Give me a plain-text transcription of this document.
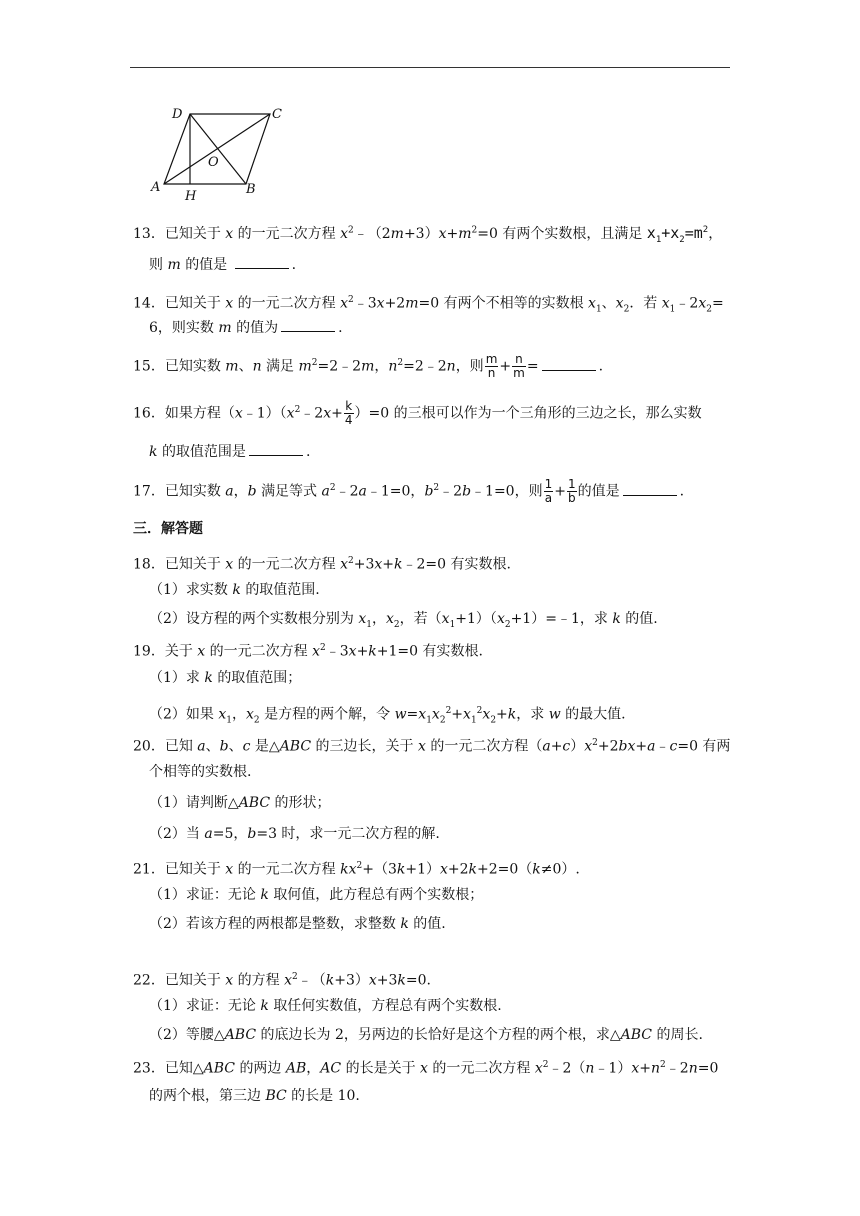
D	C
O
A
H	B
13．已知关于 x 的一元二次方程 $x^2﹣(2m+3)x+m^2=0$ 有两个实数根，且满足 $x_1+x_2=m^2$，
则 m 的值是	.
14．已知关于 x 的一元二次方程 $x^2﹣3x+2m=0$ 有两个不相等的实数根 $x_1$、$x_2$．若 $x_1﹣2x_2=$
6，则实数 m 的值为	.
15．已知实数 m、n 满足 $m^2=2﹣2m$，$n^2=2﹣2n$，则 $\frac{m}{n} + \frac{n}{m}$ =	.
16．如果方程$(x﹣1)(x^2﹣2x+ \frac{k}{4} )=0$ 的三根可以作为一个三角形的三边之长，那么实数
k 的取值范围是	.
17．已知实数 a，b 满足等式 $a^2﹣2a﹣1=0$，$b^2﹣2b﹣1=0$，则 $\frac{1}{a} + \frac{1}{b}$ 的值是	.
三．解答题
18．已知关于 x 的一元二次方程 $x^2+3x+k﹣2=0$ 有实数根.
（1）求实数 k 的取值范围.
（2）设方程的两个实数根分别为 $x_1$，$x_2$，若$(x_1+1)(x_2+1)=﹣1$，求 k 的值.
19．关于 x 的一元二次方程 $x^2﹣3x+k+1=0$ 有实数根.
（1）求 k 的取值范围；
（2）如果 $x_1$，$x_2$ 是方程的两个解，令 $w=x_1x_2^2+x_1^2x_2+k$，求 w 的最大值.
20．已知 a、b、c 是△ABC 的三边长，关于 x 的一元二次方程$(a+c)x^2+2bx+a﹣c=0$ 有两
个相等的实数根.
（1）请判断△ABC 的形状；
（2）当 a=5，b=3 时，求一元二次方程的解.
21．已知关于 x 的一元二次方程 $kx^2+(3k+1)x+2k+2=0(k\ne 0)$.
（1）求证：无论 k 取何值，此方程总有两个实数根；
（2）若该方程的两根都是整数，求整数 k 的值.
22．已知关于 x 的方程 $x^2﹣(k+3)x+3k=0$.
（1）求证：无论 k 取任何实数值，方程总有两个实数根.
（2）等腰△ABC 的底边长为 2，另两边的长恰好是这个方程的两个根，求△ABC 的周长.
23．已知△ABC 的两边 AB，AC 的长是关于 x 的一元二次方程 $x^2﹣2(n﹣1)x+n^2﹣2n=0$
的两个根，第三边 BC 的长是 10.
